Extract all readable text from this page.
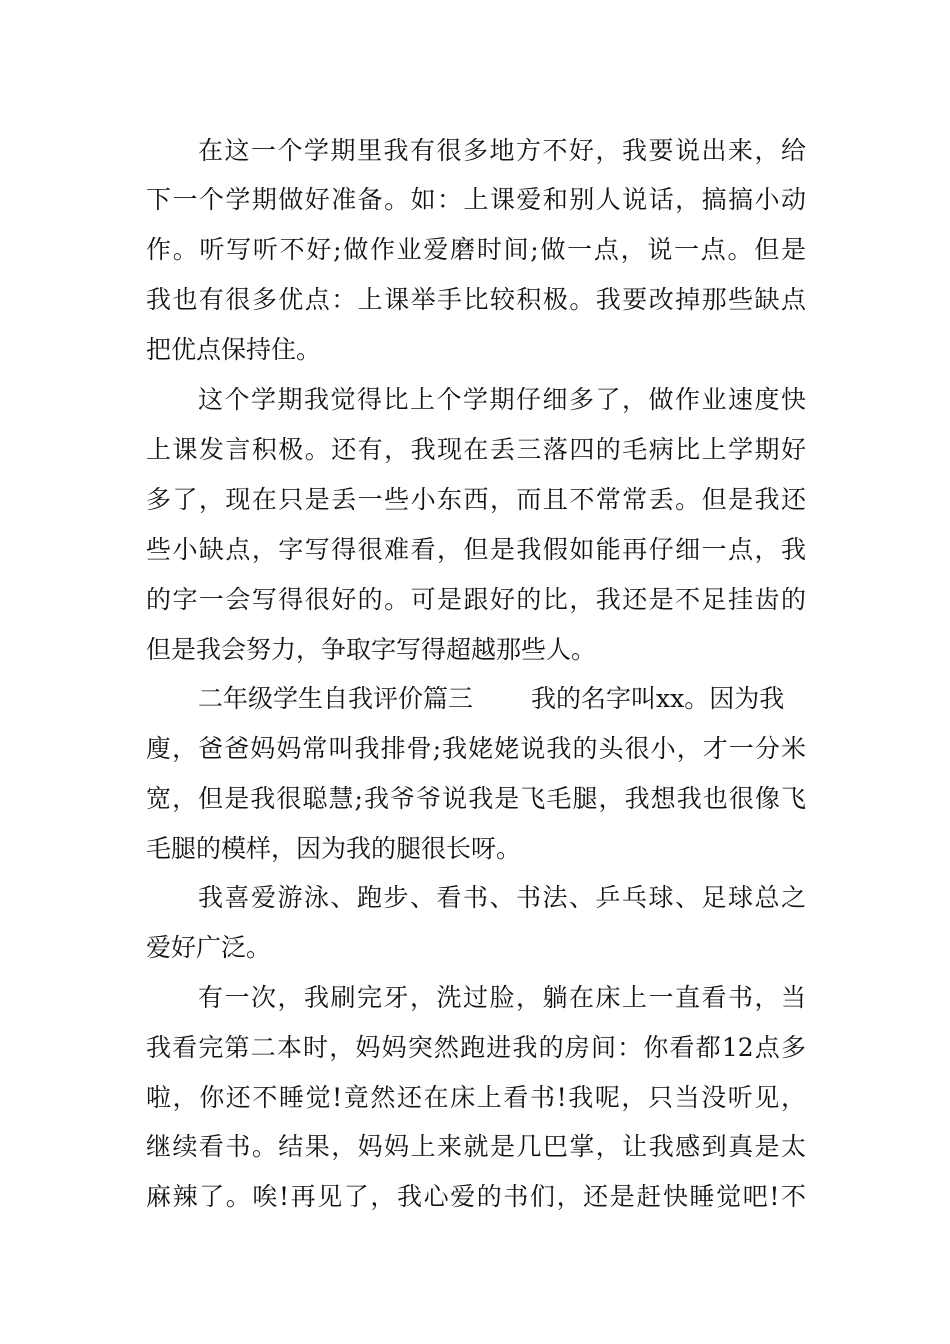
在这一个学期里我有很多地方不好，我要说出来，给
下一个学期做好准备。如：上课爱和别人说话，搞搞小动
作。听写听不好;做作业爱磨时间;做一点，说一点。但是
我也有很多优点：上课举手比较积极。我要改掉那些缺点
把优点保持住。
这个学期我觉得比上个学期仔细多了，做作业速度快
上课发言积极。还有，我现在丢三落四的毛病比上学期好
多了，现在只是丢一些小东西，而且不常常丢。但是我还
些小缺点，字写得很难看，但是我假如能再仔细一点，我
的字一会写得很好的。可是跟好的比，我还是不足挂齿的
但是我会努力，争取字写得超越那些人。
二年级学生自我评价篇三 我的名字叫xx。因为我
廋，爸爸妈妈常叫我排骨;我姥姥说我的头很小，才一分米
宽，但是我很聪慧;我爷爷说我是飞毛腿，我想我也很像飞
毛腿的模样，因为我的腿很长呀。
我喜爱游泳、跑步、看书、书法、乒乓球、足球总之
爱好广泛。
有一次，我刷完牙，洗过脸，躺在床上一直看书，当
我看完第二本时，妈妈突然跑进我的房间：你看都12点多
啦，你还不睡觉!竟然还在床上看书!我呢，只当没听见，
继续看书。结果，妈妈上来就是几巴掌，让我感到真是太
麻辣了。唉!再见了，我心爱的书们，还是赶快睡觉吧!不
